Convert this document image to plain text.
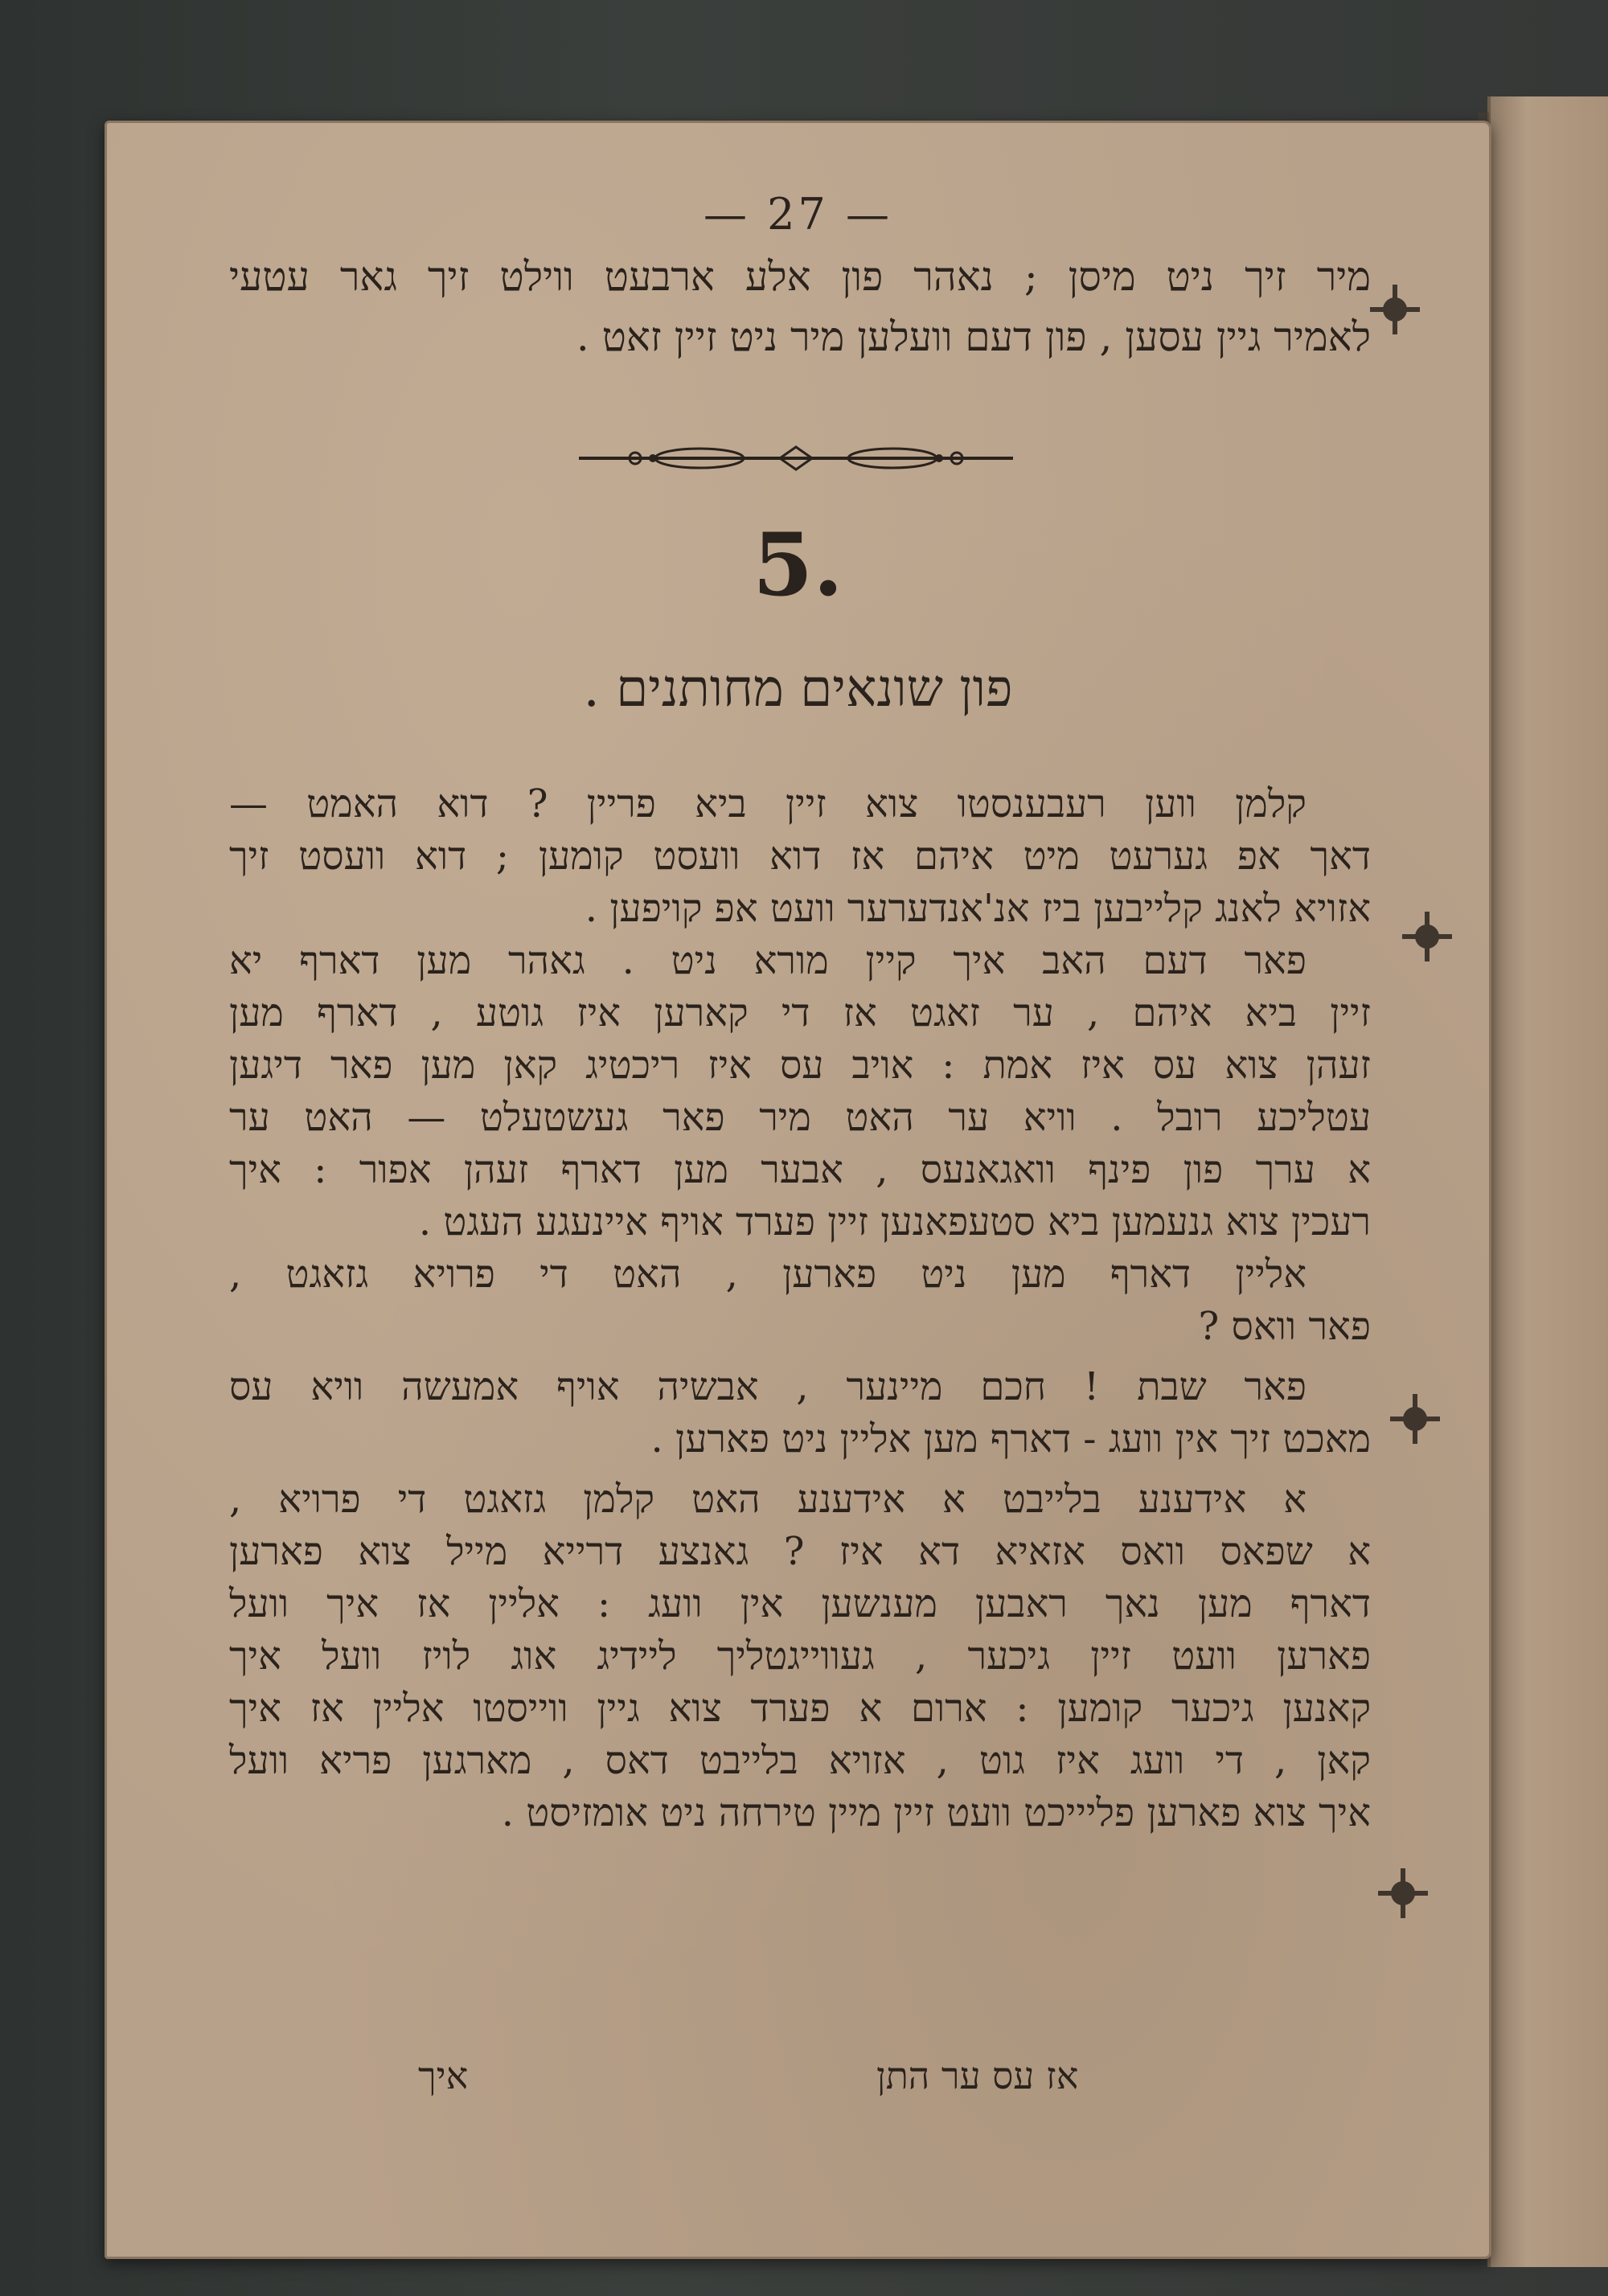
— 27 —
מיר זיך ניט מיסן ; נאהר פון אלע ארבעט ווילט זיך גאר עטעי
לאמיר גיין עסען , פון דעם וועלען מיר ניט זיין זאט .
5.
פון שונאים מחותנים .
קלמן ווען רעבענסטו צוא זיין ביא פריין ? דוא האמט —
דאך אפ גערעט מיט איהם אז דוא וועסט קומען ; דוא וועסט זיך
אזויא לאנג קלייבען ביז אנ'אנדערער וועט אפ קויפען .
פאר דעם האב איך קיין מורא ניט . גאהר מען דארף יא
זיין ביא איהם , ער זאגט אז די קארען איז גוטע , דארף מען
זעהן צוא עס איז אמת : אויב עס איז ריכטיג קאן מען פאר דיגען
עטליכע רובל . וויא ער האט מיר פאר געשטעלט — האט ער
א ערך פון פינף וואגאנעס , אבער מען דארף זעהן אפור : איך
רעכין צוא גנעמען ביא סטעפאנען זיין פערד אויף איינעגע העגט .
אליין דארף מען ניט פארען , האט די פרויא גזאגט ,
פאר וואס ?
פאר שבת ! חכם מיינער , אבשיה אויף אמעשה וויא עס
מאכט זיך אין וועג - דארף מען אליין ניט פארען .
א אידענע בלייבט א אידענע האט קלמן גזאגט די פרויא ,
א שפאס וואס אזאיא דא איז ? גאנצע דרייא מייל צוא פארען
דארף מען נאך ראבען מענשען אין וועג : אליין אז איך וועל
פארען וועט זיין גיכער , געווייגטליך ליידיג אוג לויז וועל איך
קאנען גיכער קומען : ארום א פערד צוא גיין ווייסטו אליין אז איך
קאן , די וועג איז גוט , אזויא בלייבט דאס , מארגען פריא וועל
איך צוא פארען פליייכט וועט זיין מיין טירחה ניט אומזיסט .
איך	אז עס ער התן
